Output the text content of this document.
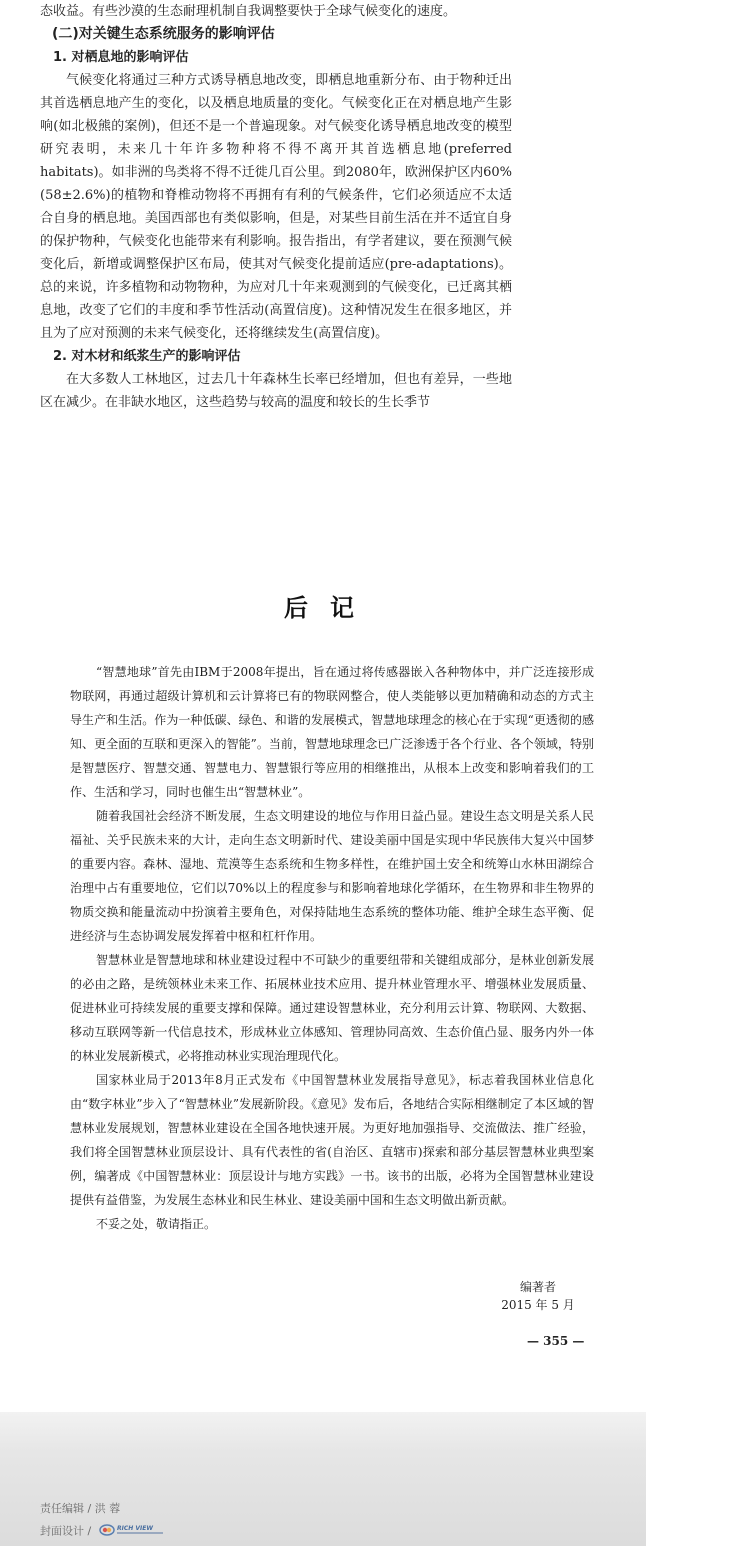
态收益。有些沙漠的生态耐理机制自我调整要快于全球气候变化的速度。

(二)对关键生态系统服务的影响评估

1. 对栖息地的影响评估

气候变化将通过三种方式诱导栖息地改变，即栖息地重新分布、由于物种迁出其首选栖息地产生的变化，以及栖息地质量的变化。气候变化正在对栖息地产生影响(如北极熊的案例)，但还不是一个普遍现象。对气候变化诱导栖息地改变的模型研究表明，未来几十年许多物种将不得不离开其首选栖息地(preferred habitats)。如非洲的鸟类将不得不迁徙几百公里。到2080年，欧洲保护区内60%(58±2.6%)的植物和脊椎动物将不再拥有有利的气候条件，它们必须适应不太适合自身的栖息地。美国西部也有类似影响，但是，对某些目前生活在并不适宜自身的保护物种，气候变化也能带来有利影响。报告指出，有学者建议，要在预测气候变化后，新增或调整保护区布局，使其对气候变化提前适应(pre-adaptations)。总的来说，许多植物和动物物种，为应对几十年来观测到的气候变化，已迁离其栖息地，改变了它们的丰度和季节性活动(高置信度)。这种情况发生在很多地区，并且为了应对预测的未来气候变化，还将继续发生(高置信度)。

2. 对木材和纸浆生产的影响评估

在大多数人工林地区，过去几十年森林生长率已经增加，但也有差异，一些地区在减少。在非缺水地区，这些趋势与较高的温度和较长的生长季节

后记

“智慧地球”首先由IBM于2008年提出，旨在通过将传感器嵌入各种物体中，并广泛连接形成物联网，再通过超级计算机和云计算将已有的物联网整合，使人类能够以更加精确和动态的方式主导生产和生活。作为一种低碳、绿色、和谐的发展模式，智慧地球理念的核心在于实现“更透彻的感知、更全面的互联和更深入的智能”。当前，智慧地球理念已广泛渗透于各个行业、各个领域，特别是智慧医疗、智慧交通、智慧电力、智慧银行等应用的相继推出，从根本上改变和影响着我们的工作、生活和学习，同时也催生出“智慧林业”。

随着我国社会经济不断发展，生态文明建设的地位与作用日益凸显。建设生态文明是关系人民福祉、关乎民族未来的大计，走向生态文明新时代、建设美丽中国是实现中华民族伟大复兴中国梦的重要内容。森林、湿地、荒漠等生态系统和生物多样性，在维护国土安全和统筹山水林田湖综合治理中占有重要地位，它们以70%以上的程度参与和影响着地球化学循环，在生物界和非生物界的物质交换和能量流动中扮演着主要角色，对保持陆地生态系统的整体功能、维护全球生态平衡、促进经济与生态协调发展发挥着中枢和杠杆作用。

智慧林业是智慧地球和林业建设过程中不可缺少的重要纽带和关键组成部分，是林业创新发展的必由之路，是统领林业未来工作、拓展林业技术应用、提升林业管理水平、增强林业发展质量、促进林业可持续发展的重要支撑和保障。通过建设智慧林业，充分利用云计算、物联网、大数据、移动互联网等新一代信息技术，形成林业立体感知、管理协同高效、生态价值凸显、服务内外一体的林业发展新模式，必将推动林业实现治理现代化。

国家林业局于2013年8月正式发布《中国智慧林业发展指导意见》，标志着我国林业信息化由“数字林业”步入了“智慧林业”发展新阶段。《意见》发布后，各地结合实际相继制定了本区域的智慧林业发展规划，智慧林业建设在全国各地快速开展。为更好地加强指导、交流做法、推广经验，我们将全国智慧林业顶层设计、具有代表性的省(自治区、直辖市)探索和部分基层智慧林业典型案例，编著成《中国智慧林业：顶层设计与地方实践》一书。该书的出版，必将为全国智慧林业建设提供有益借鉴，为发展生态林业和民生林业、建设美丽中国和生态文明做出新贡献。

不妥之处，敬请指正。

编著者
2015 年 5 月
— 355 —
责任编辑 / 洪 蓉
封面设计 /	RICH VIEW
